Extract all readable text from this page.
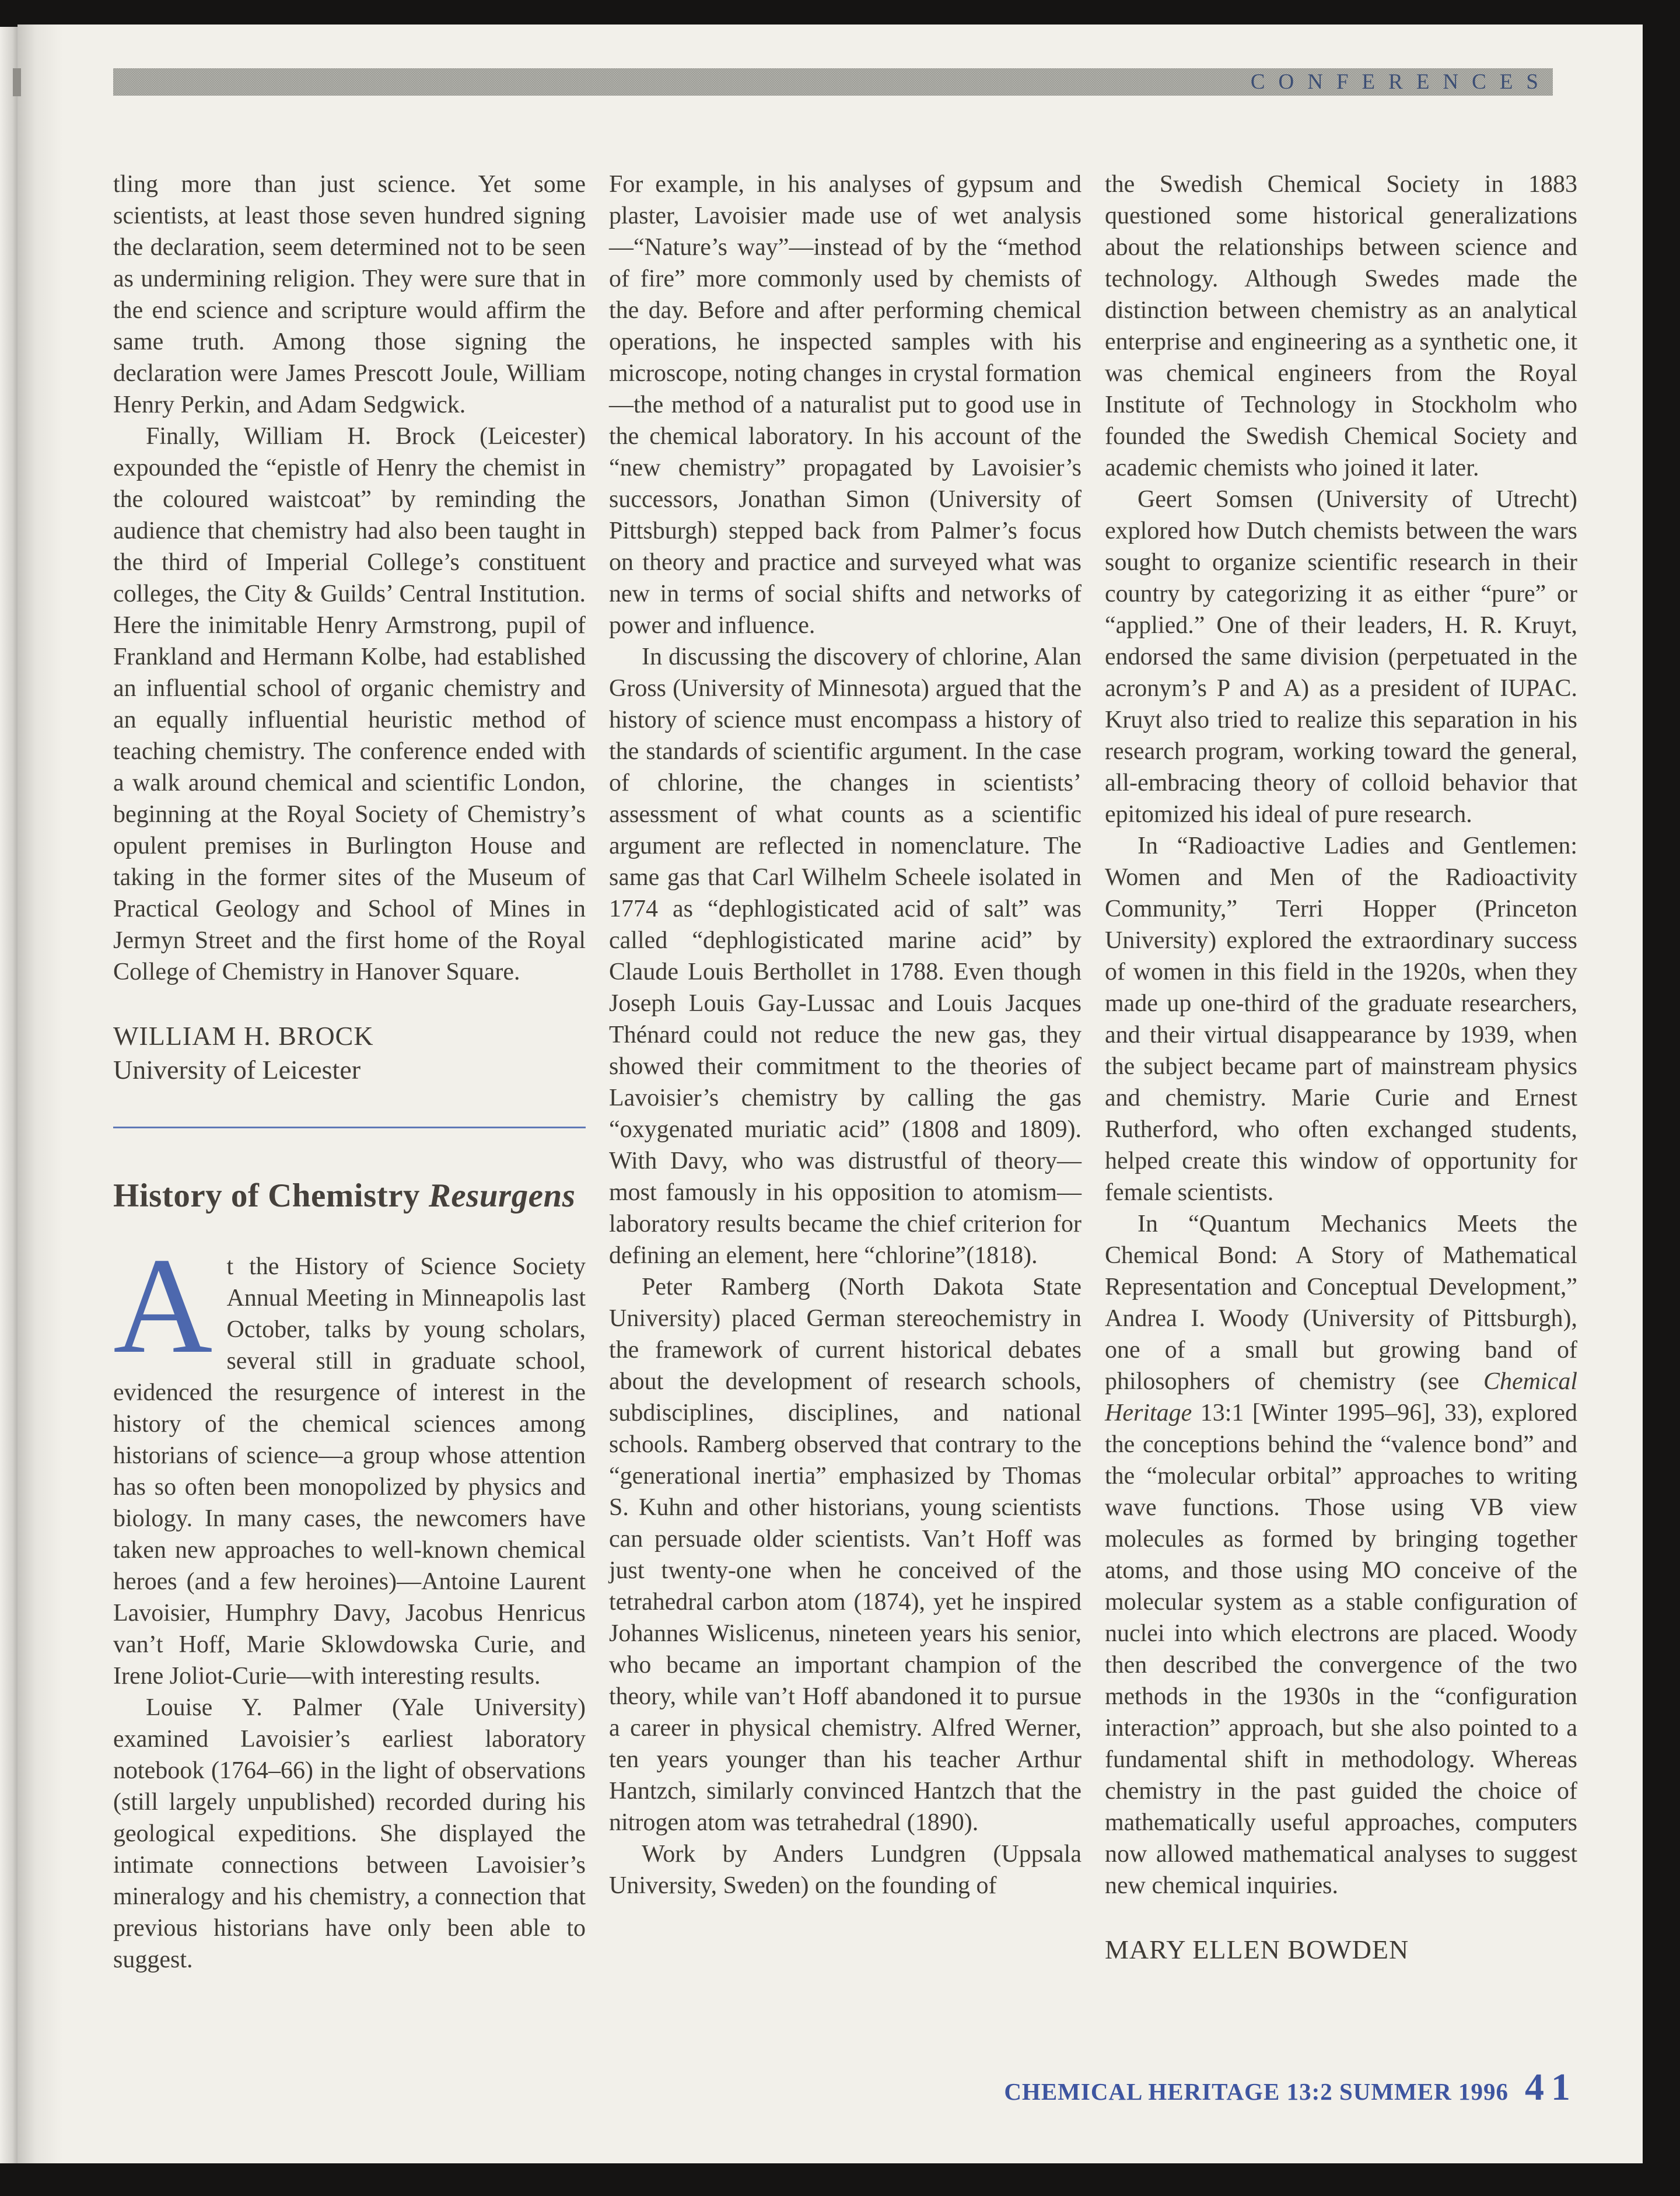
CONFERENCES

tling more than just science. Yet some scientists, at least those seven hundred signing the declaration, seem determined not to be seen as undermining religion. They were sure that in the end science and scripture would affirm the same truth. Among those signing the declaration were James Prescott Joule, William Henry Perkin, and Adam Sedgwick.

Finally, William H. Brock (Leicester) expounded the “epistle of Henry the chemist in the coloured waistcoat” by reminding the audience that chemistry had also been taught in the third of Imperial College’s constituent colleges, the City & Guilds’ Central Institution. Here the inimitable Henry Armstrong, pupil of Frankland and Hermann Kolbe, had established an influential school of organic chemistry and an equally influential heuristic method of teaching chemistry. The conference ended with a walk around chemical and scientific London, beginning at the Royal Society of Chemistry’s opulent premises in Burlington House and taking in the former sites of the Museum of Practical Geology and School of Mines in Jermyn Street and the first home of the Royal College of Chemistry in Hanover Square.

WILLIAM H. BROCK
University of Leicester
History of Chemistry Resurgens

At the History of Science Society Annual Meeting in Minneapolis last October, talks by young scholars, several still in graduate school, evidenced the resurgence of interest in the history of the chemical sciences among historians of science—a group whose attention has so often been monopolized by physics and biology. In many cases, the newcomers have taken new approaches to well-known chemical heroes (and a few heroines)—Antoine Laurent Lavoisier, Humphry Davy, Jacobus Henricus van’t Hoff, Marie Sklowdowska Curie, and Irene Joliot-Curie—with interesting results.

Louise Y. Palmer (Yale University) examined Lavoisier’s earliest laboratory notebook (1764–66) in the light of observations (still largely unpublished) recorded during his geological expeditions. She displayed the intimate connections between Lavoisier’s mineralogy and his chemistry, a connection that previous historians have only been able to suggest.

For example, in his analyses of gypsum and plaster, Lavoisier made use of wet analysis—“Nature’s way”—instead of by the “method of fire” more commonly used by chemists of the day. Before and after performing chemical operations, he inspected samples with his microscope, noting changes in crystal formation—the method of a naturalist put to good use in the chemical laboratory. In his account of the “new chemistry” propagated by Lavoisier’s successors, Jonathan Simon (University of Pittsburgh) stepped back from Palmer’s focus on theory and practice and surveyed what was new in terms of social shifts and networks of power and influence.

In discussing the discovery of chlorine, Alan Gross (University of Minnesota) argued that the history of science must encompass a history of the standards of scientific argument. In the case of chlorine, the changes in scientists’ assessment of what counts as a scientific argument are reflected in nomenclature. The same gas that Carl Wilhelm Scheele isolated in 1774 as “dephlogisticated acid of salt” was called “dephlogisticated marine acid” by Claude Louis Berthollet in 1788. Even though Joseph Louis Gay-Lussac and Louis Jacques Thénard could not reduce the new gas, they showed their commitment to the theories of Lavoisier’s chemistry by calling the gas “oxygenated muriatic acid” (1808 and 1809). With Davy, who was distrustful of theory—most famously in his opposition to atomism—laboratory results became the chief criterion for defining an element, here “chlorine”(1818).

Peter Ramberg (North Dakota State University) placed German stereochemistry in the framework of current historical debates about the development of research schools, subdisciplines, disciplines, and national schools. Ramberg observed that contrary to the “generational inertia” emphasized by Thomas S. Kuhn and other historians, young scientists can persuade older scientists. Van’t Hoff was just twenty-one when he conceived of the tetrahedral carbon atom (1874), yet he inspired Johannes Wislicenus, nineteen years his senior, who became an important champion of the theory, while van’t Hoff abandoned it to pursue a career in physical chemistry. Alfred Werner, ten years younger than his teacher Arthur Hantzch, similarly convinced Hantzch that the nitrogen atom was tetrahedral (1890).

Work by Anders Lundgren (Uppsala University, Sweden) on the founding of

the Swedish Chemical Society in 1883 questioned some historical generalizations about the relationships between science and technology. Although Swedes made the distinction between chemistry as an analytical enterprise and engineering as a synthetic one, it was chemical engineers from the Royal Institute of Technology in Stockholm who founded the Swedish Chemical Society and academic chemists who joined it later.

Geert Somsen (University of Utrecht) explored how Dutch chemists between the wars sought to organize scientific research in their country by categorizing it as either “pure” or “applied.” One of their leaders, H. R. Kruyt, endorsed the same division (perpetuated in the acronym’s P and A) as a president of IUPAC. Kruyt also tried to realize this separation in his research program, working toward the general, all-embracing theory of colloid behavior that epitomized his ideal of pure research.

In “Radioactive Ladies and Gentlemen: Women and Men of the Radioactivity Community,” Terri Hopper (Princeton University) explored the extraordinary success of women in this field in the 1920s, when they made up one-third of the graduate researchers, and their virtual disappearance by 1939, when the subject became part of mainstream physics and chemistry. Marie Curie and Ernest Rutherford, who often exchanged students, helped create this window of opportunity for female scientists.

In “Quantum Mechanics Meets the Chemical Bond: A Story of Mathematical Representation and Conceptual Development,” Andrea I. Woody (University of Pittsburgh), one of a small but growing band of philosophers of chemistry (see Chemical Heritage 13:1 [Winter 1995–96], 33), explored the conceptions behind the “valence bond” and the “molecular orbital” approaches to writing wave functions. Those using VB view molecules as formed by bringing together atoms, and those using MO conceive of the molecular system as a stable configuration of nuclei into which electrons are placed. Woody then described the convergence of the two methods in the 1930s in the “configuration interaction” approach, but she also pointed to a fundamental shift in methodology. Whereas chemistry in the past guided the choice of mathematically useful approaches, computers now allowed mathematical analyses to suggest new chemical inquiries.

MARY ELLEN BOWDEN
CHEMICAL HERITAGE 13:2 SUMMER 1996 41
